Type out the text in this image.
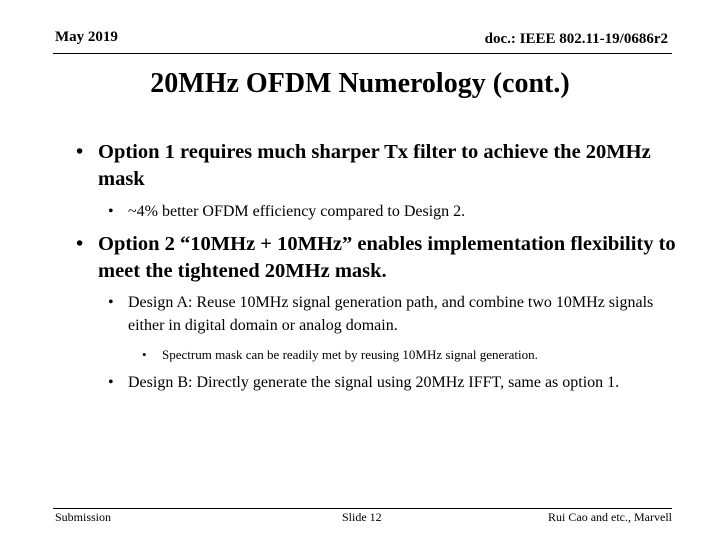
May 2019	doc.: IEEE 802.11-19/0686r2
20MHz OFDM Numerology (cont.)
• Option 1 requires much sharper Tx filter to achieve the 20MHz mask
• ~4% better OFDM efficiency compared to Design 2.
• Option 2 “10MHz + 10MHz” enables implementation flexibility to meet the tightened 20MHz mask.
• Design A: Reuse 10MHz signal generation path, and combine two 10MHz signals either in digital domain or analog domain.
•	Spectrum mask can be readily met by reusing 10MHz signal generation.
• Design B: Directly generate the signal using 20MHz IFFT, same as option 1.
Submission	Slide 12	Rui Cao and etc., Marvell
